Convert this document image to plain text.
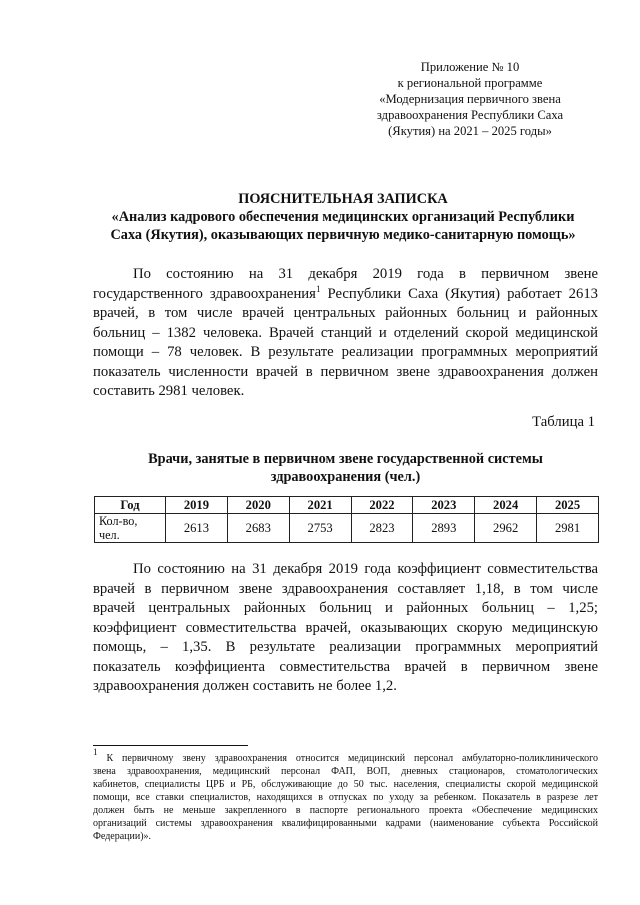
Приложение № 10
к региональной программе
«Модернизация первичного звена
здравоохранения Республики Саха
(Якутия) на 2021 – 2025 годы»
ПОЯСНИТЕЛЬНАЯ ЗАПИСКА
«Анализ кадрового обеспечения медицинских организаций Республики
Саха (Якутия), оказывающих первичную медико-санитарную помощь»
По состоянию на 31 декабря 2019 года в первичном звене
государственного здравоохранения$^1$ Республики Саха (Якутия) работает 2613
врачей, в том числе врачей центральных районных больниц и районных
больниц – 1382 человека. Врачей станций и отделений скорой медицинской
помощи – 78 человек. В результате реализации программных мероприятий
показатель численности врачей в первичном звене здравоохранения должен
составить 2981 человек.
Таблица 1
Врачи, занятые в первичном звене государственной системы
здравоохранения (чел.)
Год	2019	2020	2021	2022	2023	2024	2025
Кол-во,
чел.	2613	2683	2753	2823	2893	2962	2981
По состоянию на 31 декабря 2019 года коэффициент совместительства
врачей в первичном звене здравоохранения составляет 1,18, в том числе
врачей центральных районных больниц и районных больниц – 1,25;
коэффициент совместительства врачей, оказывающих скорую медицинскую
помощь, – 1,35. В результате реализации программных мероприятий
показатель коэффициента совместительства врачей в первичном звене
здравоохранения должен составить не более 1,2.
$^1$ К первичному звену здравоохранения относится медицинский персонал амбулаторно-поликлинического
звена здравоохранения, медицинский персонал ФАП, ВОП, дневных стационаров, стоматологических
кабинетов, специалисты ЦРБ и РБ, обслуживающие до 50 тыс. населения, специалисты скорой медицинской
помощи, все ставки специалистов, находящихся в отпусках по уходу за ребенком. Показатель в разрезе лет
должен быть не меньше закрепленного в паспорте регионального проекта «Обеспечение медицинских
организаций системы здравоохранения квалифицированными кадрами (наименование субъекта Российской
Федерации)».
